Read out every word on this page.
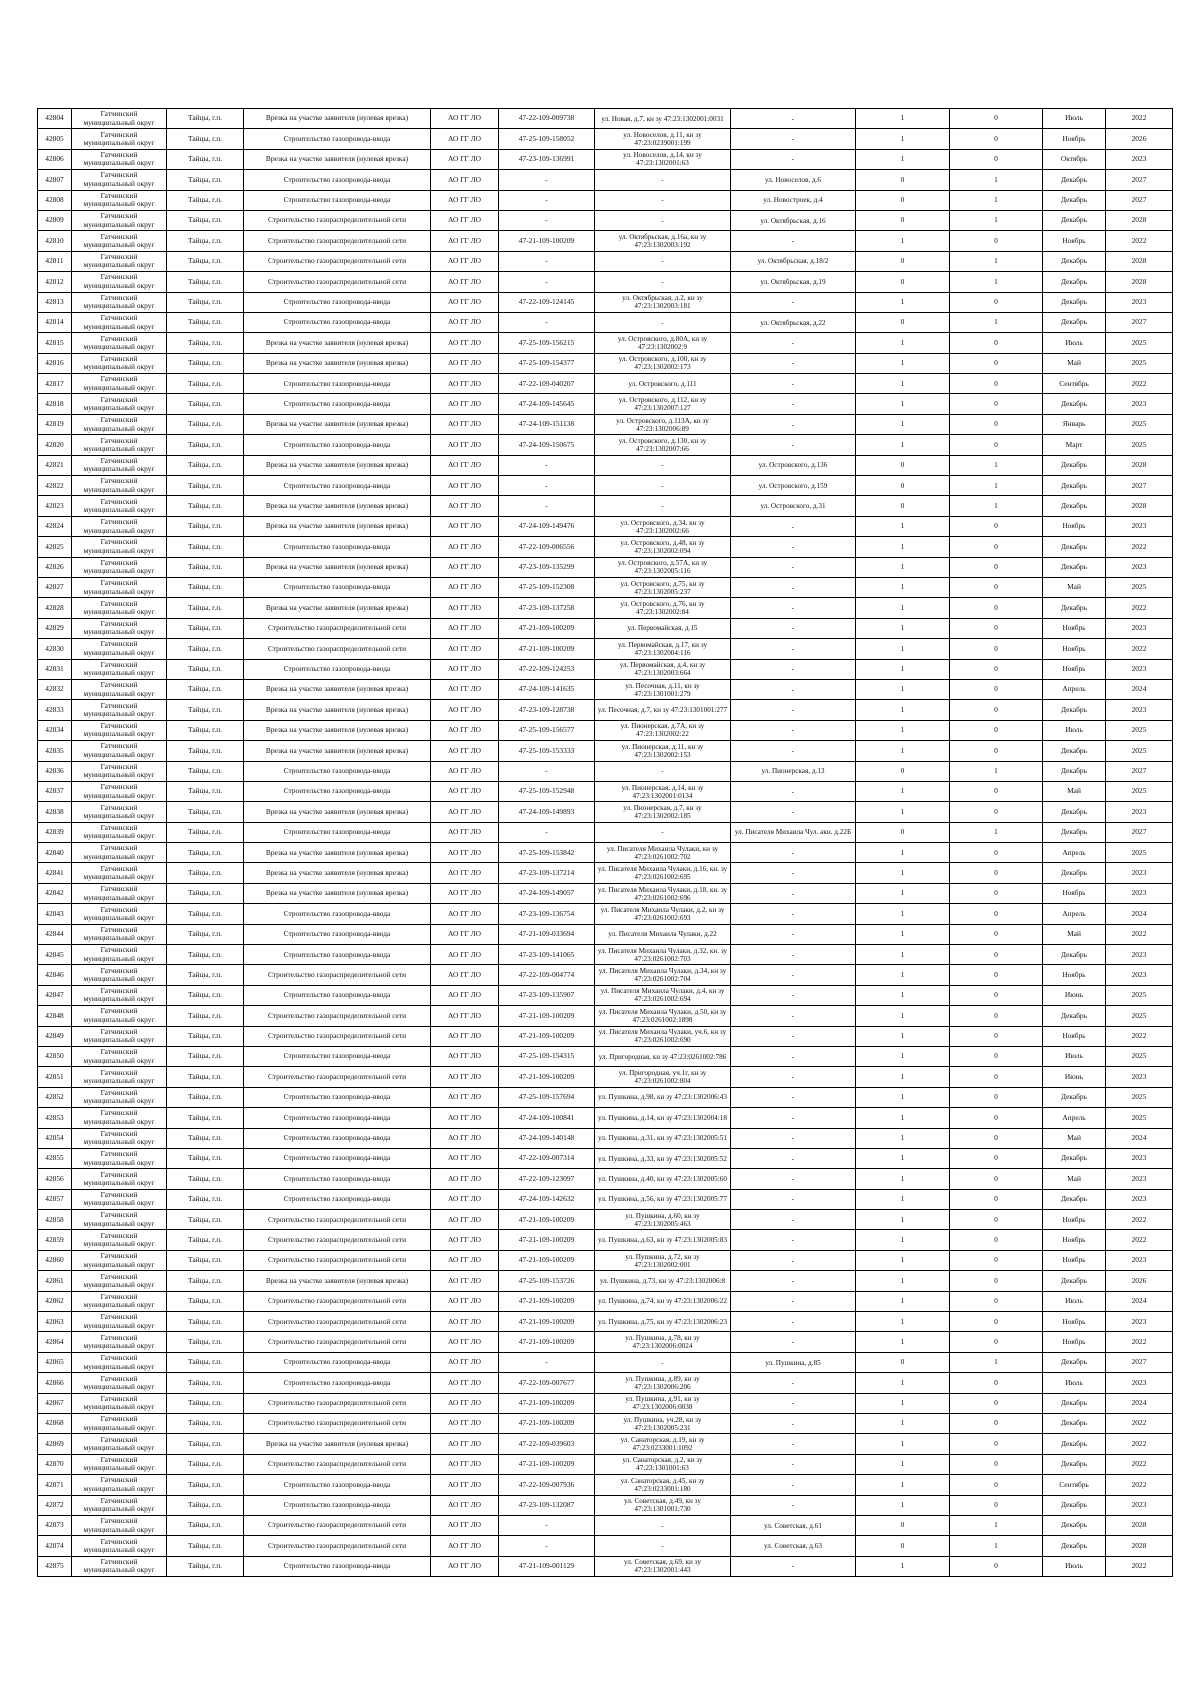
42804	Гатчинский муниципальный округ	Тайцы, г.п.	Врезка на участке заявителя (нулевая врезка)	АО ГГ ЛО	47-22-109-009738	ул. Новая, д.7, кн зу 47:23:1302001:0031	-	1	0	Июль	2022
42805	Гатчинский муниципальный округ	Тайцы, г.п.	Строительство газопровода-ввода	АО ГГ ЛО	47-25-109-158052	ул. Новоселов, д.11, кн зу 47:23:0239001:199	-	1	0	Ноябрь	2026
42806	Гатчинский муниципальный округ	Тайцы, г.п.	Врезка на участке заявителя (нулевая врезка)	АО ГГ ЛО	47-23-109-136991	ул. Новоселов, д.14, кн зу 47:23:1302001:63	-	1	0	Октябрь	2023
42807	Гатчинский муниципальный округ	Тайцы, г.п.	Строительство газопровода-ввода	АО ГГ ЛО	-	-	ул. Новоселов, д.6	0	1	Декабрь	2027
42808	Гатчинский муниципальный округ	Тайцы, г.п.	Строительство газопровода-ввода	АО ГГ ЛО	-	-	ул. Новостроек, д.4	0	1	Декабрь	2027
42809	Гатчинский муниципальный округ	Тайцы, г.п.	Строительство газораспределительной сети	АО ГГ ЛО	-	-	ул. Октябрьская, д.16	0	1	Декабрь	2028
42810	Гатчинский муниципальный округ	Тайцы, г.п.	Строительство газораспределительной сети	АО ГГ ЛО	47-21-109-100209	ул. Октябрьская, д.16а, кн зу 47:23:1302003:192	-	1	0	Ноябрь	2022
42811	Гатчинский муниципальный округ	Тайцы, г.п.	Строительство газораспределительной сети	АО ГГ ЛО	-	-	ул. Октябрьская, д.18/2	0	1	Декабрь	2028
42812	Гатчинский муниципальный округ	Тайцы, г.п.	Строительство газораспределительной сети	АО ГГ ЛО	-	-	ул. Октябрьская, д.19	0	1	Декабрь	2028
42813	Гатчинский муниципальный округ	Тайцы, г.п.	Строительство газопровода-ввода	АО ГГ ЛО	47-22-109-124145	ул. Октябрьская, д.2, кн зу 47:23:1302003:181	-	1	0	Декабрь	2023
42814	Гатчинский муниципальный округ	Тайцы, г.п.	Строительство газопровода-ввода	АО ГГ ЛО	-	-	ул. Октябрьская, д.22	0	1	Декабрь	2027
42815	Гатчинский муниципальный округ	Тайцы, г.п.	Врезка на участке заявителя (нулевая врезка)	АО ГГ ЛО	47-25-109-156215	ул. Островского, д.80А, кн зу 47:23:1302002:9	-	1	0	Июль	2025
42816	Гатчинский муниципальный округ	Тайцы, г.п.	Врезка на участке заявителя (нулевая врезка)	АО ГГ ЛО	47-25-109-154377	ул. Островского, д.100, кн зу 47:23:1302002:173	-	1	0	Май	2025
42817	Гатчинский муниципальный округ	Тайцы, г.п.	Строительство газопровода-ввода	АО ГГ ЛО	47-22-109-040207	ул. Островского, д.111	-	1	0	Сентябрь	2022
42818	Гатчинский муниципальный округ	Тайцы, г.п.	Строительство газопровода-ввода	АО ГГ ЛО	47-24-109-145645	ул. Островского, д.112, кн зу 47:23:1302007:127	-	1	0	Декабрь	2023
42819	Гатчинский муниципальный округ	Тайцы, г.п.	Врезка на участке заявителя (нулевая врезка)	АО ГГ ЛО	47-24-109-151138	ул. Островского, д.113А, кн зу 47:23:1302006:89	-	1	0	Январь	2025
42820	Гатчинский муниципальный округ	Тайцы, г.п.	Строительство газопровода-ввода	АО ГГ ЛО	47-24-109-150675	ул. Островского, д.130, кн зу 47:23:1302007:66	-	1	0	Март	2025
42821	Гатчинский муниципальный округ	Тайцы, г.п.	Врезка на участке заявителя (нулевая врезка)	АО ГГ ЛО	-	-	ул. Островского, д.136	0	1	Декабрь	2028
42822	Гатчинский муниципальный округ	Тайцы, г.п.	Строительство газопровода-ввода	АО ГГ ЛО	-	-	ул. Островского, д.159	0	1	Декабрь	2027
42823	Гатчинский муниципальный округ	Тайцы, г.п.	Врезка на участке заявителя (нулевая врезка)	АО ГГ ЛО	-	-	ул. Островского, д.31	0	1	Декабрь	2028
42824	Гатчинский муниципальный округ	Тайцы, г.п.	Врезка на участке заявителя (нулевая врезка)	АО ГГ ЛО	47-24-109-149476	ул. Островского, д.34, кн зу 47:23:1302002:66	-	1	0	Ноябрь	2023
42825	Гатчинский муниципальный округ	Тайцы, г.п.	Строительство газопровода-ввода	АО ГГ ЛО	47-22-109-006556	ул. Островского, д.48, кн зу 47:23:1302002:094	-	1	0	Декабрь	2022
42826	Гатчинский муниципальный округ	Тайцы, г.п.	Врезка на участке заявителя (нулевая врезка)	АО ГГ ЛО	47-23-109-135299	ул. Островского, д.57А, кн зу 47:23:1302005:116	-	1	0	Декабрь	2023
42827	Гатчинский муниципальный округ	Тайцы, г.п.	Строительство газопровода-ввода	АО ГГ ЛО	47-25-109-152308	ул. Островского, д.75, кн зу 47:23:1302005:237	-	1	0	Май	2025
42828	Гатчинский муниципальный округ	Тайцы, г.п.	Врезка на участке заявителя (нулевая врезка)	АО ГГ ЛО	47-23-109-137258	ул. Островского, д.76, кн зу 47:23:1302002:84	-	1	0	Декабрь	2022
42829	Гатчинский муниципальный округ	Тайцы, г.п.	Строительство газораспределительной сети	АО ГГ ЛО	47-21-109-100209	ул. Первомайская, д.15	-	1	0	Ноябрь	2023
42830	Гатчинский муниципальный округ	Тайцы, г.п.	Строительство газораспределительной сети	АО ГГ ЛО	47-21-109-100209	ул. Первомайская, д.17, кн зу 47:23:1302004:116	-	1	0	Ноябрь	2022
42831	Гатчинский муниципальный округ	Тайцы, г.п.	Строительство газопровода-ввода	АО ГГ ЛО	47-22-109-124253	ул. Первомайская, д.4, кн зу 47:23:1302003:664	-	1	0	Ноябрь	2023
42832	Гатчинский муниципальный округ	Тайцы, г.п.	Врезка на участке заявителя (нулевая врезка)	АО ГГ ЛО	47-24-109-141635	ул. Песочная, д.11, кн зу 47:23:1301001:279	-	1	0	Апрель	2024
42833	Гатчинский муниципальный округ	Тайцы, г.п.	Врезка на участке заявителя (нулевая врезка)	АО ГГ ЛО	47-23-109-128738	ул. Песочная, д.7, кн зу 47:23:1301001:277	-	1	0	Декабрь	2023
42834	Гатчинский муниципальный округ	Тайцы, г.п.	Врезка на участке заявителя (нулевая врезка)	АО ГГ ЛО	47-25-109-156577	ул. Пионерская, д.7А, кн зу 47:23:1302002:22	-	1	0	Июль	2025
42835	Гатчинский муниципальный округ	Тайцы, г.п.	Врезка на участке заявителя (нулевая врезка)	АО ГГ ЛО	47-25-109-153333	ул. Пионерская, д.11, кн зу 47:23:1302002:153	-	1	0	Декабрь	2025
42836	Гатчинский муниципальный округ	Тайцы, г.п.	Строительство газопровода-ввода	АО ГГ ЛО	-	-	ул. Пионерская, д.13	0	1	Декабрь	2027
42837	Гатчинский муниципальный округ	Тайцы, г.п.	Строительство газопровода-ввода	АО ГГ ЛО	47-25-109-152948	ул. Пионерская, д.14, кн зу 47:23:1302001:0134	-	1	0	Май	2025
42838	Гатчинский муниципальный округ	Тайцы, г.п.	Врезка на участке заявителя (нулевая врезка)	АО ГГ ЛО	47-24-109-149893	ул. Пионерская, д.7, кн зу 47:23:1302002:185	-	1	0	Декабрь	2023
42839	Гатчинский муниципальный округ	Тайцы, г.п.	Строительство газопровода-ввода	АО ГГ ЛО	-	-	ул. Писателя Михаила Чул. акн. д.22Б	0	1	Декабрь	2027
42840	Гатчинский муниципальный округ	Тайцы, г.п.	Врезка на участке заявителя (нулевая врезка)	АО ГГ ЛО	47-25-109-153842	ул. Писателя Михаила Чулаки, кн зу 47:23:0261002:702	-	1	0	Апрель	2025
42841	Гатчинский муниципальный округ	Тайцы, г.п.	Врезка на участке заявителя (нулевая врезка)	АО ГГ ЛО	47-23-109-137214	ул. Писателя Михаила Чулаки, д.16, кн. зу 47:23:0261002:695	-	1	0	Декабрь	2023
42842	Гатчинский муниципальный округ	Тайцы, г.п.	Врезка на участке заявителя (нулевая врезка)	АО ГГ ЛО	47-24-109-149057	ул. Писателя Михаила Чулаки, д.18, кн. зу 47:23:0261002:696	-	1	0	Ноябрь	2023
42843	Гатчинский муниципальный округ	Тайцы, г.п.	Строительство газопровода-ввода	АО ГГ ЛО	47-23-109-136754	ул. Писателя Михаила Чулаки, д.2, кн зу 47:23:0261002:693	-	1	0	Апрель	2024
42844	Гатчинский муниципальный округ	Тайцы, г.п.	Строительство газопровода-ввода	АО ГГ ЛО	47-21-109-033694	ул. Писателя Михаила Чулаки, д.22	-	1	0	Май	2022
42845	Гатчинский муниципальный округ	Тайцы, г.п.	Строительство газопровода-ввода	АО ГГ ЛО	47-23-109-141065	ул. Писателя Михаила Чулаки, д.32, кн. зу 47:23:0261002:703	-	1	0	Декабрь	2023
42846	Гатчинский муниципальный округ	Тайцы, г.п.	Строительство газораспределительной сети	АО ГГ ЛО	47-22-109-004774	ул. Писателя Михаила Чулаки, д.34, кн зу 47:23:0261002:704	-	1	0	Ноябрь	2023
42847	Гатчинский муниципальный округ	Тайцы, г.п.	Строительство газопровода-ввода	АО ГГ ЛО	47-23-109-135907	ул. Писателя Михаила Чулаки, д.4, кн зу 47:23:0261002:694	-	1	0	Июнь	2025
42848	Гатчинский муниципальный округ	Тайцы, г.п.	Строительство газораспределительной сети	АО ГГ ЛО	47-21-109-100209	ул. Писателя Михаила Чулаки, д.50, кн зу 47:23:0261002:1898	-	1	0	Декабрь	2025
42849	Гатчинский муниципальный округ	Тайцы, г.п.	Строительство газораспределительной сети	АО ГГ ЛО	47-21-109-100209	ул. Писателя Михаила Чулаки, уч.6, кн зу 47:23:0261002:690	-	1	0	Ноябрь	2022
42850	Гатчинский муниципальный округ	Тайцы, г.п.	Строительство газопровода-ввода	АО ГГ ЛО	47-25-109-154315	ул. Пригородная, кн зу 47:23:0261002:786	-	1	0	Июль	2025
42851	Гатчинский муниципальный округ	Тайцы, г.п.	Строительство газораспределительной сети	АО ГГ ЛО	47-21-109-100209	ул. Пригородная, уч.1г, кн зу 47:23:0261002:804	-	1	0	Июнь	2023
42852	Гатчинский муниципальный округ	Тайцы, г.п.	Строительство газопровода-ввода	АО ГГ ЛО	47-25-109-157694	ул. Пушкина, д.98, кн зу 47:23:1302006:43	-	1	0	Декабрь	2025
42853	Гатчинский муниципальный округ	Тайцы, г.п.	Строительство газопровода-ввода	АО ГГ ЛО	47-24-109-100841	ул. Пушкина, д.14, кн зу 47:23:1302004:18	-	1	0	Апрель	2025
42854	Гатчинский муниципальный округ	Тайцы, г.п.	Строительство газопровода-ввода	АО ГГ ЛО	47-24-109-140148	ул. Пушкина, д.31, кн зу 47:23:1302005:51	-	1	0	Май	2024
42855	Гатчинский муниципальный округ	Тайцы, г.п.	Строительство газопровода-ввода	АО ГГ ЛО	47-22-109-007314	ул. Пушкина, д.33, кн зу 47:23:1302005:52	-	1	0	Декабрь	2023
42856	Гатчинский муниципальный округ	Тайцы, г.п.	Строительство газопровода-ввода	АО ГГ ЛО	47-22-109-123097	ул. Пушкина, д.40, кн зу 47:23:1302005:60	-	1	0	Май	2023
42857	Гатчинский муниципальный округ	Тайцы, г.п.	Строительство газопровода-ввода	АО ГГ ЛО	47-24-109-142632	ул. Пушкина, д.56, кн зу 47:23:1302005:77	-	1	0	Декабрь	2023
42858	Гатчинский муниципальный округ	Тайцы, г.п.	Строительство газораспределительной сети	АО ГГ ЛО	47-21-109-100209	ул. Пушкина, д.60, кн зу 47:23:1302005:463	-	1	0	Ноябрь	2022
42859	Гатчинский муниципальный округ	Тайцы, г.п.	Строительство газораспределительной сети	АО ГГ ЛО	47-21-109-100209	ул. Пушкина, д.63, кн зу 47:23:1302005:83	-	1	0	Ноябрь	2022
42860	Гатчинский муниципальный округ	Тайцы, г.п.	Строительство газораспределительной сети	АО ГГ ЛО	47-21-109-100209	ул. Пушкина, д.72, кн зу 47:23:1302002:001	-	1	0	Ноябрь	2023
42861	Гатчинский муниципальный округ	Тайцы, г.п.	Врезка на участке заявителя (нулевая врезка)	АО ГГ ЛО	47-25-109-153726	ул. Пушкина, д.73, кн зу 47:23:1302006:8	-	1	0	Декабрь	2026
42862	Гатчинский муниципальный округ	Тайцы, г.п.	Строительство газораспределительной сети	АО ГГ ЛО	47-21-109-100209	ул. Пушкина, д.74, кн зу 47:23:1302006:22	-	1	0	Июль	2024
42863	Гатчинский муниципальный округ	Тайцы, г.п.	Строительство газораспределительной сети	АО ГГ ЛО	47-21-109-100209	ул. Пушкина, д.75, кн зу 47:23:1302006:23	-	1	0	Ноябрь	2023
42864	Гатчинский муниципальный округ	Тайцы, г.п.	Строительство газораспределительной сети	АО ГГ ЛО	47-21-109-100209	ул. Пушкина, д.78, кн зу 47:23:1302006:0024	-	1	0	Ноябрь	2022
42865	Гатчинский муниципальный округ	Тайцы, г.п.	Строительство газопровода-ввода	АО ГГ ЛО	-	-	ул. Пушкина, д.85	0	1	Декабрь	2027
42866	Гатчинский муниципальный округ	Тайцы, г.п.	Строительство газопровода-ввода	АО ГГ ЛО	47-22-109-007677	ул. Пушкина, д.89, кн зу 47:23:1302006:206	-	1	0	Июль	2023
42867	Гатчинский муниципальный округ	Тайцы, г.п.	Строительство газораспределительной сети	АО ГГ ЛО	47-21-109-100209	ул. Пушкина, д.91, кн зу 47:23:1302006:0038	-	1	0	Декабрь	2024
42868	Гатчинский муниципальный округ	Тайцы, г.п.	Строительство газораспределительной сети	АО ГГ ЛО	47-21-109-100209	ул. Пушкина, уч.28, кн зу 47:23:1302005:231	-	1	0	Декабрь	2022
42869	Гатчинский муниципальный округ	Тайцы, г.п.	Врезка на участке заявителя (нулевая врезка)	АО ГГ ЛО	47-22-109-039603	ул. Санаторская, д.19, кн зу 47:23:0233001:1092	-	1	0	Декабрь	2022
42870	Гатчинский муниципальный округ	Тайцы, г.п.	Строительство газораспределительной сети	АО ГГ ЛО	47-21-109-100209	ул. Санаторская, д.2, кн зу 47:23:1301001:63	-	1	0	Декабрь	2022
42871	Гатчинский муниципальный округ	Тайцы, г.п.	Строительство газопровода-ввода	АО ГГ ЛО	47-22-109-007936	ул. Санаторская, д.45, кн зу 47:23:0233001:180	-	1	0	Сентябрь	2022
42872	Гатчинский муниципальный округ	Тайцы, г.п.	Строительство газопровода-ввода	АО ГГ ЛО	47-23-109-132087	ул. Советская, д.49, кн зу 47:23:1301001:730	-	1	0	Декабрь	2023
42873	Гатчинский муниципальный округ	Тайцы, г.п.	Строительство газораспределительной сети	АО ГГ ЛО	-	-	ул. Советская, д.61	0	1	Декабрь	2028
42874	Гатчинский муниципальный округ	Тайцы, г.п.	Строительство газораспределительной сети	АО ГГ ЛО	-	-	ул. Советская, д.63	0	1	Декабрь	2028
42875	Гатчинский муниципальный округ	Тайцы, г.п.	Строительство газопровода-ввода	АО ГГ ЛО	47-21-109-001129	ул. Советская, д.69, кн зу 47:23:1302001:443	-	1	0	Июль	2022
